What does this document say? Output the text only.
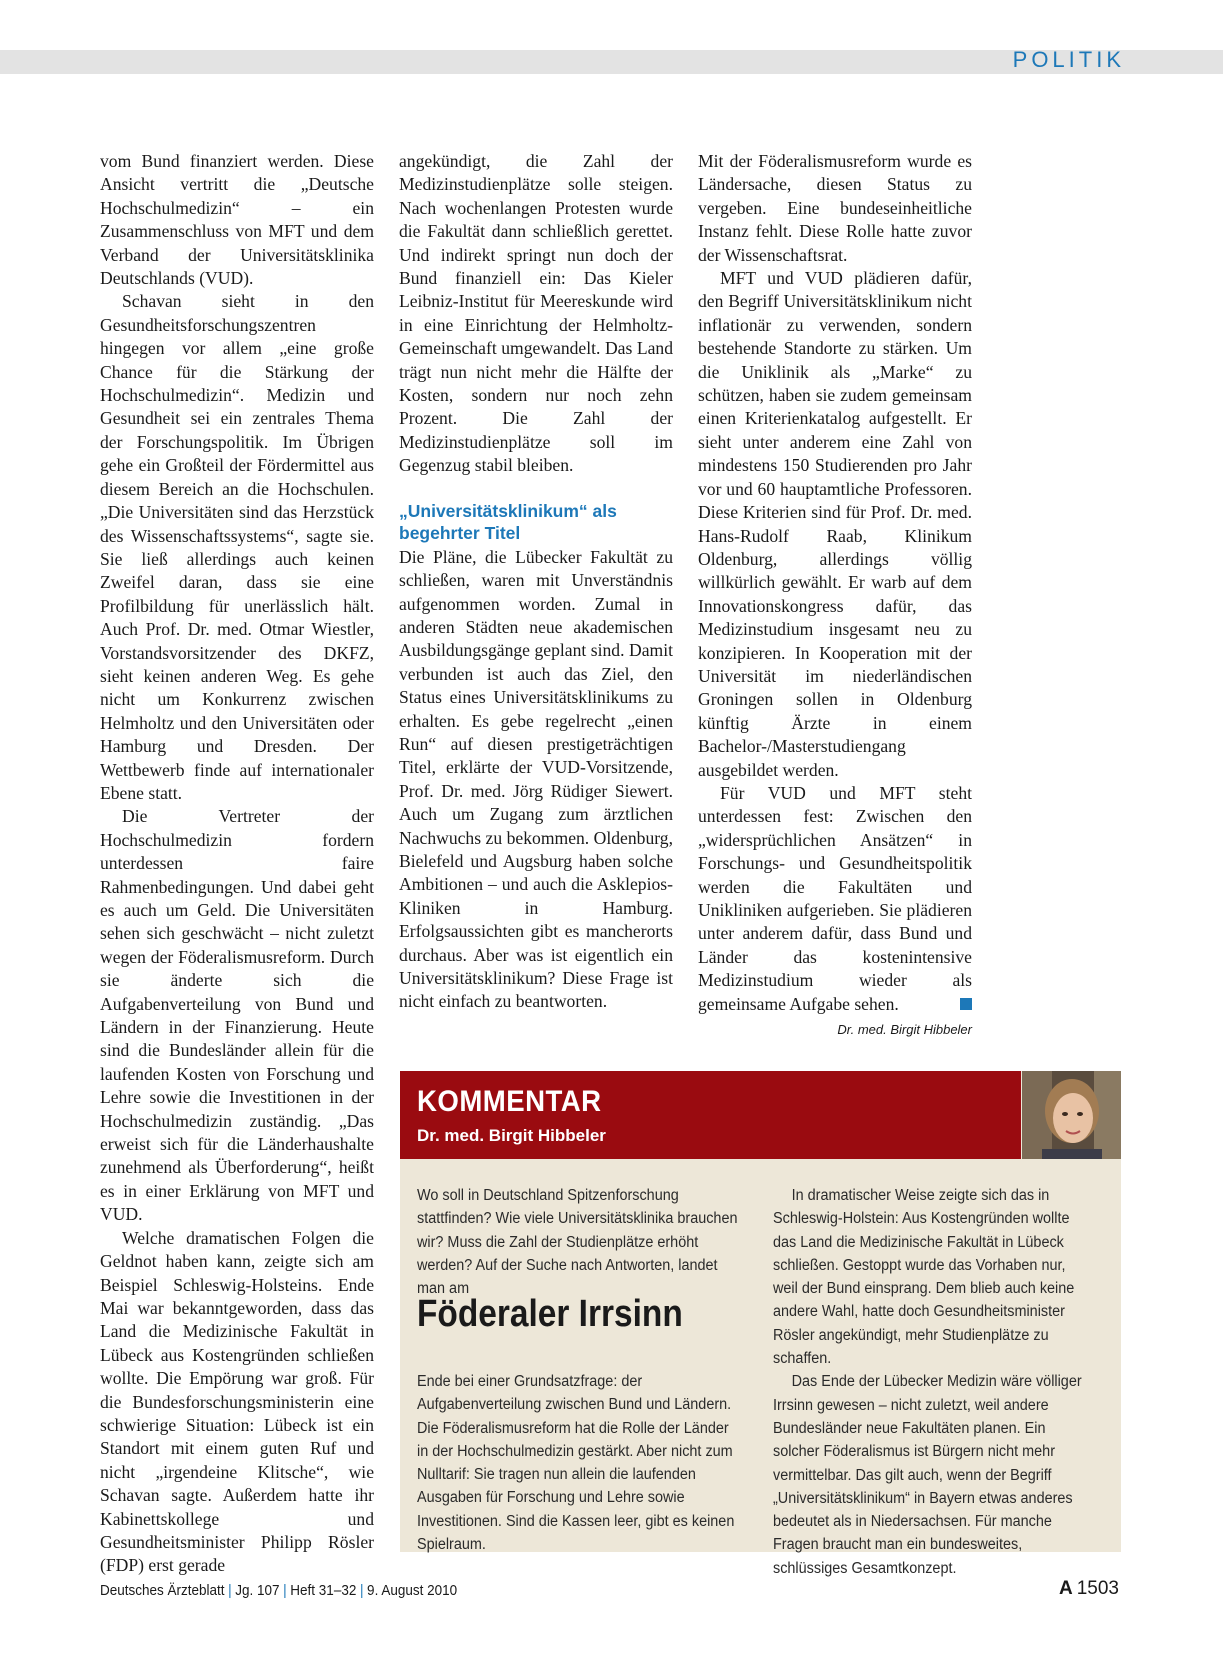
POLITIK

vom Bund finanziert werden. Diese Ansicht vertritt die „Deutsche Hochschulmedizin“ – ein Zusammenschluss von MFT und dem Verband der Universitätsklinika Deutschlands (VUD).

Schavan sieht in den Gesundheitsforschungszentren hingegen vor allem „eine große Chance für die Stärkung der Hochschulmedizin“. Medizin und Gesundheit sei ein zentrales Thema der Forschungspolitik. Im Übrigen gehe ein Großteil der Fördermittel aus diesem Bereich an die Hochschulen. „Die Universitäten sind das Herzstück des Wissenschaftssystems“, sagte sie. Sie ließ allerdings auch keinen Zweifel daran, dass sie eine Profilbildung für unerlässlich hält. Auch Prof. Dr. med. Otmar Wiestler, Vorstandsvorsitzender des DKFZ, sieht keinen anderen Weg. Es gehe nicht um Konkurrenz zwischen Helmholtz und den Universitäten oder Hamburg und Dresden. Der Wettbewerb finde auf internationaler Ebene statt.

Die Vertreter der Hochschulmedizin fordern unterdessen faire Rahmenbedingungen. Und dabei geht es auch um Geld. Die Universitäten sehen sich geschwächt – nicht zuletzt wegen der Föderalismusreform. Durch sie änderte sich die Aufgabenverteilung von Bund und Ländern in der Finanzierung. Heute sind die Bundesländer allein für die laufenden Kosten von Forschung und Lehre sowie die Investitionen in der Hochschulmedizin zuständig. „Das erweist sich für die Länderhaushalte zunehmend als Überforderung“, heißt es in einer Erklärung von MFT und VUD.

Welche dramatischen Folgen die Geldnot haben kann, zeigte sich am Beispiel Schleswig-Holsteins. Ende Mai war bekanntgeworden, dass das Land die Medizinische Fakultät in Lübeck aus Kostengründen schließen wollte. Die Empörung war groß. Für die Bundesforschungsministerin eine schwierige Situation: Lübeck ist ein Standort mit einem guten Ruf und nicht „irgendeine Klitsche“, wie Schavan sagte. Außerdem hatte ihr Kabinettskollege und Gesundheitsminister Philipp Rösler (FDP) erst gerade

angekündigt, die Zahl der Medizinstudienplätze solle steigen. Nach wochenlangen Protesten wurde die Fakultät dann schließlich gerettet. Und indirekt springt nun doch der Bund finanziell ein: Das Kieler Leibniz-Institut für Meereskunde wird in eine Einrichtung der Helmholtz-Gemeinschaft umgewandelt. Das Land trägt nun nicht mehr die Hälfte der Kosten, sondern nur noch zehn Prozent. Die Zahl der Medizinstudienplätze soll im Gegenzug stabil bleiben.

„Universitätsklinikum“ als begehrter Titel

Die Pläne, die Lübecker Fakultät zu schließen, waren mit Unverständnis aufgenommen worden. Zumal in anderen Städten neue akademischen Ausbildungsgänge geplant sind. Damit verbunden ist auch das Ziel, den Status eines Universitätsklinikums zu erhalten. Es gebe regelrecht „einen Run“ auf diesen prestigeträchtigen Titel, erklärte der VUD-Vorsitzende, Prof. Dr. med. Jörg Rüdiger Siewert. Auch um Zugang zum ärztlichen Nachwuchs zu bekommen. Oldenburg, Bielefeld und Augsburg haben solche Ambitionen – und auch die Asklepios-Kliniken in Hamburg. Erfolgsaussichten gibt es mancherorts durchaus. Aber was ist eigentlich ein Universitätsklinikum? Diese Frage ist nicht einfach zu beantworten.

Mit der Föderalismusreform wurde es Ländersache, diesen Status zu vergeben. Eine bundeseinheitliche Instanz fehlt. Diese Rolle hatte zuvor der Wissenschaftsrat.

MFT und VUD plädieren dafür, den Begriff Universitätsklinikum nicht inflationär zu verwenden, sondern bestehende Standorte zu stärken. Um die Uniklinik als „Marke“ zu schützen, haben sie zudem gemeinsam einen Kriterienkatalog aufgestellt. Er sieht unter anderem eine Zahl von mindestens 150 Studierenden pro Jahr vor und 60 hauptamtliche Professoren. Diese Kriterien sind für Prof. Dr. med. Hans-Rudolf Raab, Klinikum Oldenburg, allerdings völlig willkürlich gewählt. Er warb auf dem Innovationskongress dafür, das Medizinstudium insgesamt neu zu konzipieren. In Kooperation mit der Universität im niederländischen Groningen sollen in Oldenburg künftig Ärzte in einem Bachelor-/Masterstudiengang ausgebildet werden.

Für VUD und MFT steht unterdessen fest: Zwischen den „widersprüchlichen Ansätzen“ in Forschungs- und Gesundheitspolitik werden die Fakultäten und Unikliniken aufgerieben. Sie plädieren unter anderem dafür, dass Bund und Länder das kostenintensive Medizinstudium wieder als gemeinsame Aufgabe sehen.

Dr. med. Birgit Hibbeler
KOMMENTAR
Dr. med. Birgit Hibbeler

Wo soll in Deutschland Spitzenforschung stattfinden? Wie viele Universitätsklinika brauchen wir? Muss die Zahl der Studienplätze erhöht werden? Auf der Suche nach Antworten, landet man am

Föderaler Irrsinn

Ende bei einer Grundsatzfrage: der Aufgabenverteilung zwischen Bund und Ländern. Die Föderalismusreform hat die Rolle der Länder in der Hochschulmedizin gestärkt. Aber nicht zum Nulltarif: Sie tragen nun allein die laufenden Ausgaben für Forschung und Lehre sowie Investitionen. Sind die Kassen leer, gibt es keinen Spielraum.

In dramatischer Weise zeigte sich das in Schleswig-Holstein: Aus Kostengründen wollte das Land die Medizinische Fakultät in Lübeck schließen. Gestoppt wurde das Vorhaben nur, weil der Bund einsprang. Dem blieb auch keine andere Wahl, hatte doch Gesundheitsminister Rösler angekündigt, mehr Studienplätze zu schaffen.

Das Ende der Lübecker Medizin wäre völliger Irrsinn gewesen – nicht zuletzt, weil andere Bundesländer neue Fakultäten planen. Ein solcher Föderalismus ist Bürgern nicht mehr vermittelbar. Das gilt auch, wenn der Begriff „Universitätsklinikum“ in Bayern etwas anderes bedeutet als in Niedersachsen. Für manche Fragen braucht man ein bundesweites, schlüssiges Gesamtkonzept.

Deutsches Ärzteblatt | Jg. 107 | Heft 31–32 | 9. August 2010	A 1503
